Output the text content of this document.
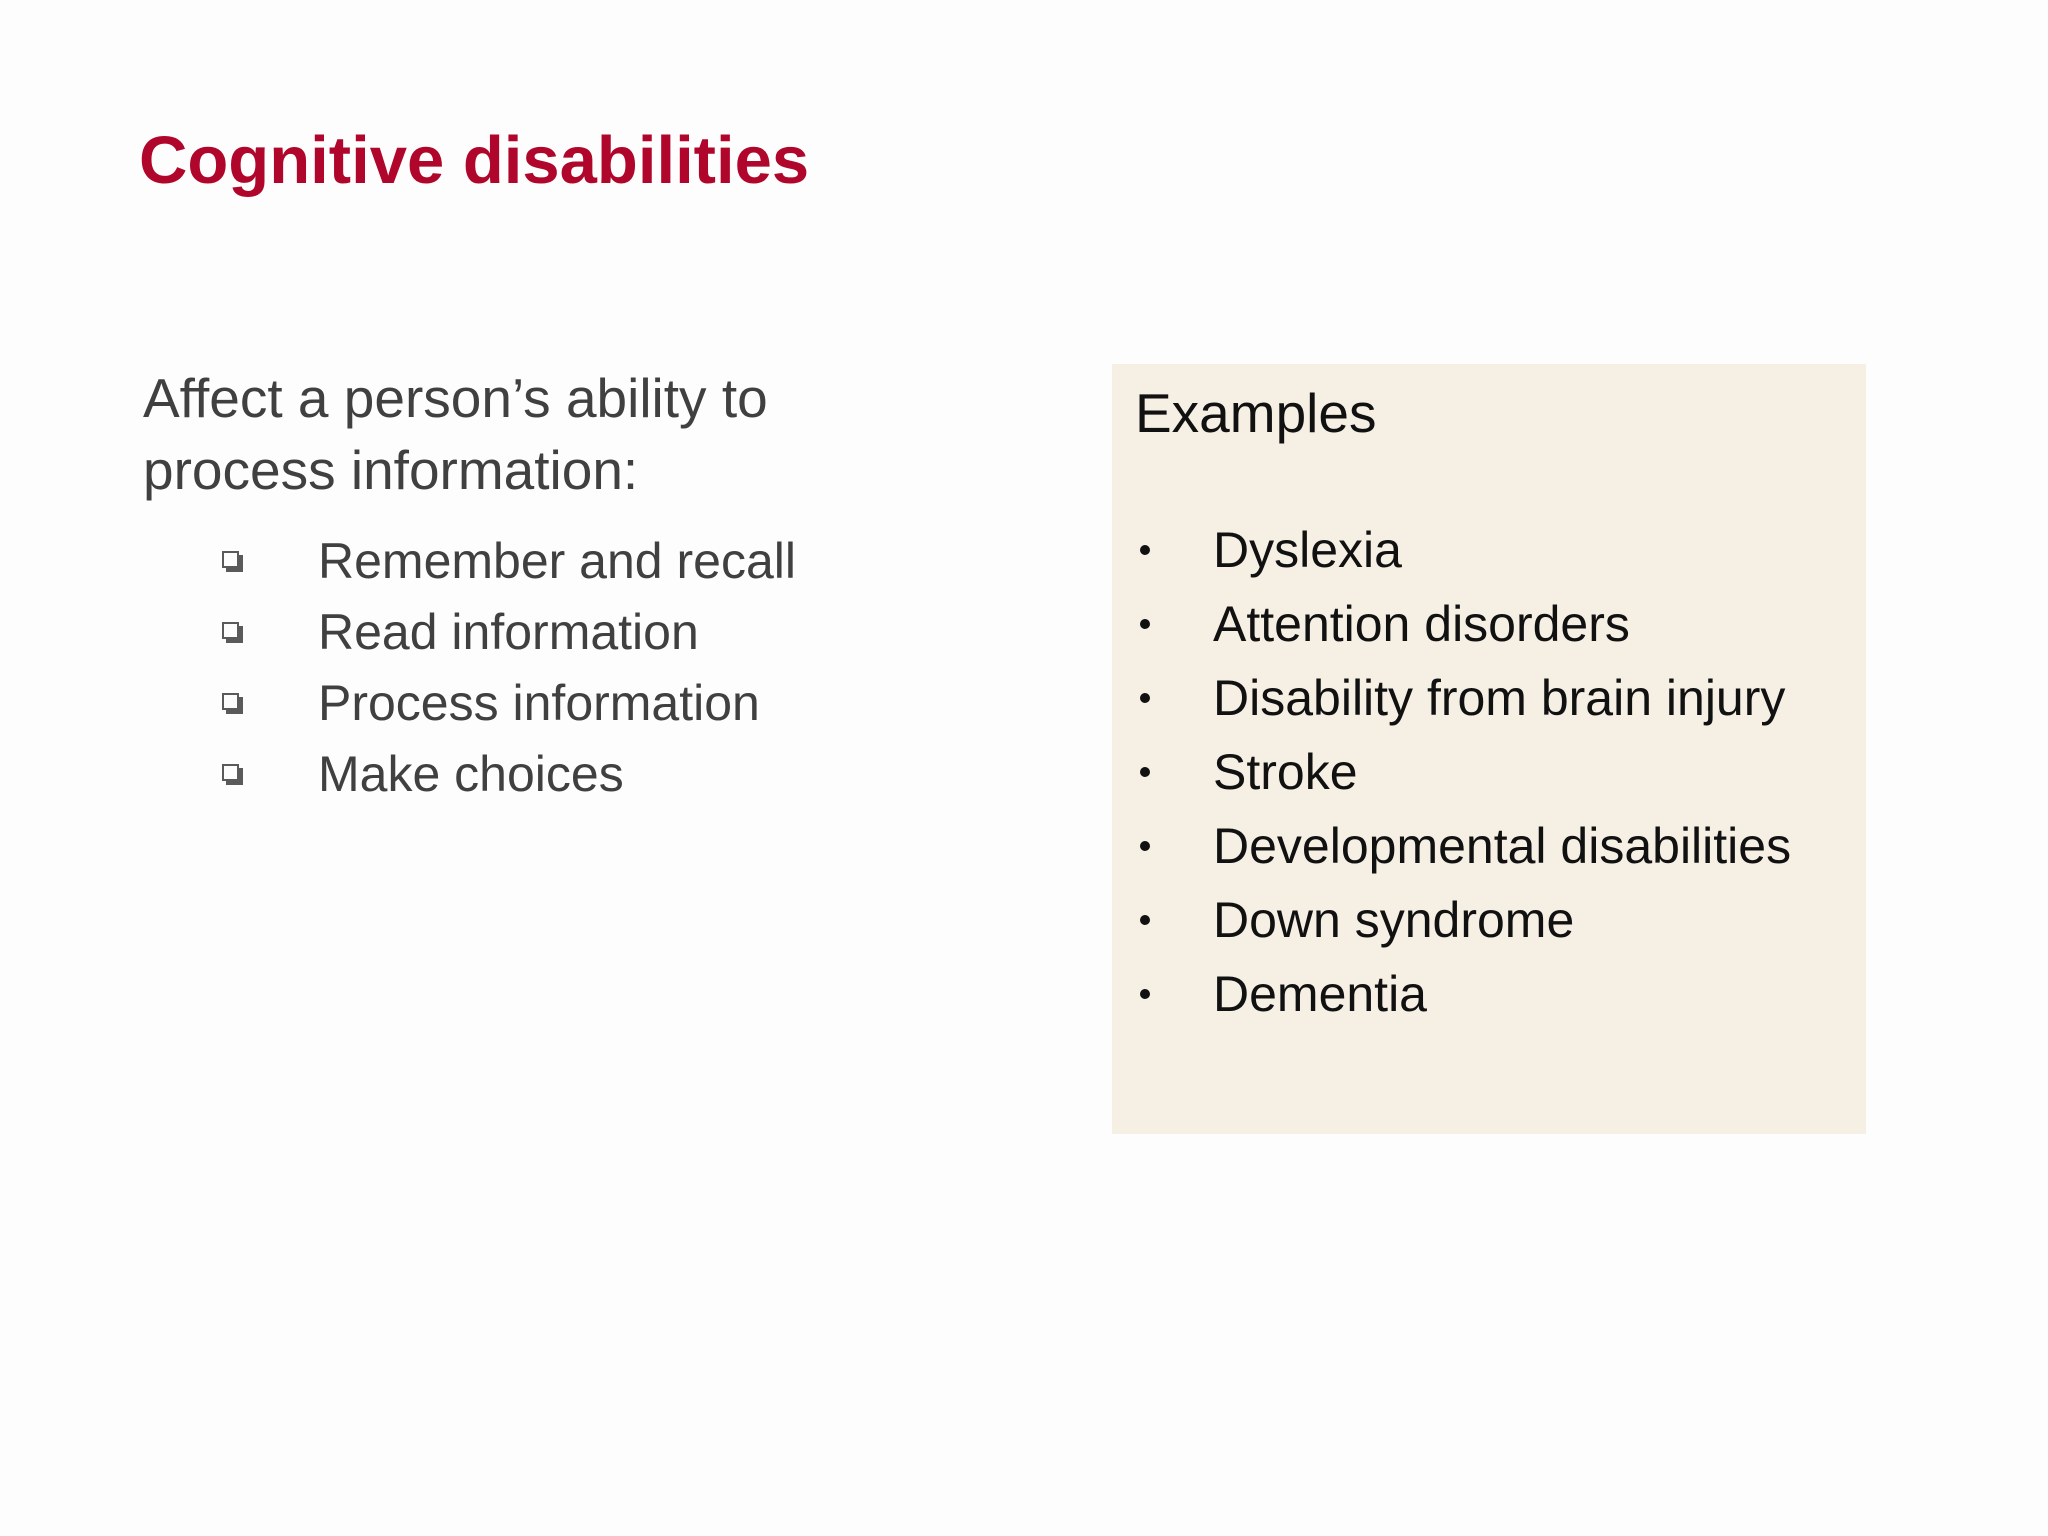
Cognitive disabilities

Affect a person’s ability to process information:

Remember and recall
Read information
Process information
Make choices
Examples
Dyslexia
Attention disorders
Disability from brain injury
Stroke
Developmental disabilities
Down syndrome
Dementia
